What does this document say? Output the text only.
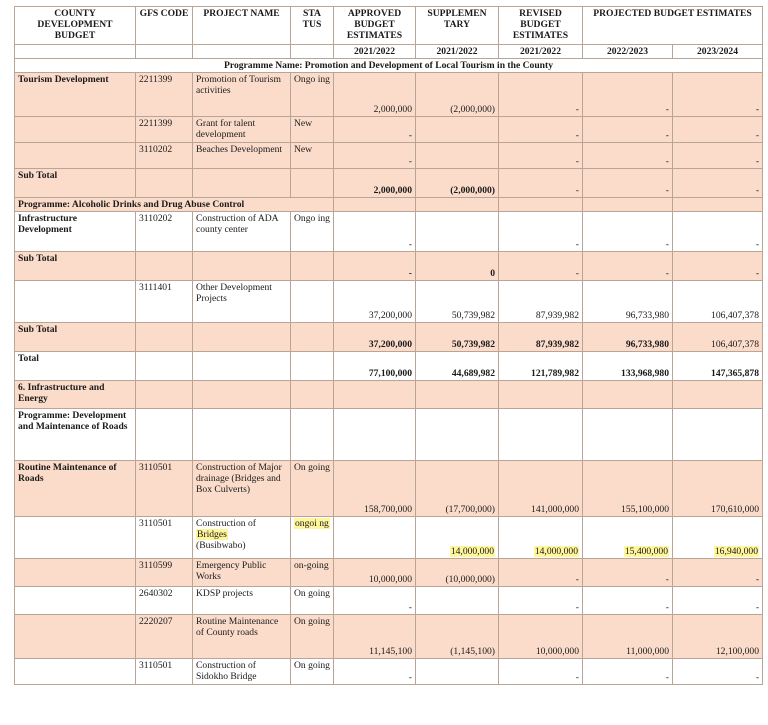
COUNTY DEVELOPMENT BUDGET	GFS CODE	PROJECT NAME	STA TUS	APPROVED BUDGET ESTIMATES	SUPPLEMEN TARY	REVISED BUDGET ESTIMATES	PROJECTED BUDGET ESTIMATES	
				2021/2022	2021/2022	2021/2022	2022/2023	2023/2024
Programme Name: Promotion and Development of Local Tourism in the County								
Tourism Development	2211399	Promotion of Tourism activities	Ongo ing	2,000,000	(2,000,000)	-	-	-
	2211399	Grant for talent development	New	-		-	-	-
	3110202	Beaches Development	New	-		-	-	-
Sub Total				2,000,000	(2,000,000)	-	-	-
Programme: Alcoholic Drinks and Drug Abuse Control								
Infrastructure Development	3110202	Construction of ADA county center	Ongo ing	-		-	-	-
Sub Total				-	0	-	-	-
	3111401	Other Development Projects		37,200,000	50,739,982	87,939,982	96,733,980	106,407,378
Sub Total				37,200,000	50,739,982	87,939,982	96,733,980	106,407,378
Total				77,100,000	44,689,982	121,789,982	133,968,980	147,365,878
6. Infrastructure and Energy								
Programme: Development and Maintenance of Roads								
Routine Maintenance of Roads	3110501	Construction of Major drainage (Bridges and Box Culverts)	On going	158,700,000	(17,700,000)	141,000,000	155,100,000	170,610,000
	3110501	Construction of
Bridges
(Busibwabo)	ongoi ng		14,000,000	14,000,000	15,400,000	16,940,000
	3110599	Emergency Public Works	on-going	10,000,000	(10,000,000)	-	-	-
	2640302	KDSP projects	On going	-		-	-	-
	2220207	Routine Maintenance of County roads	On going	11,145,100	(1,145,100)	10,000,000	11,000,000	12,100,000
	3110501	Construction of Sidokho Bridge	On going	-		-	-	-
